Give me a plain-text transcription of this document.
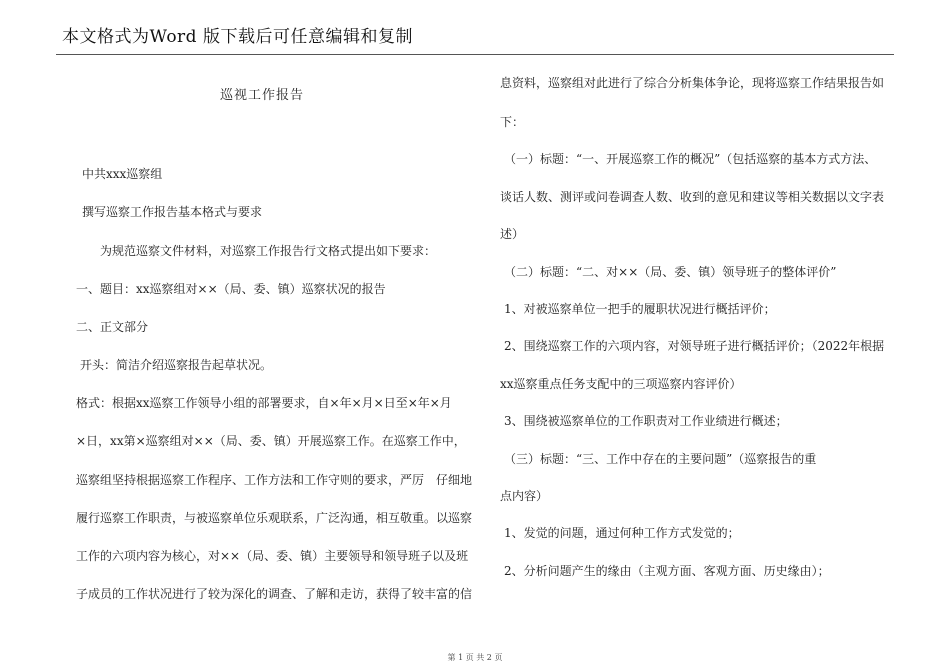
本文格式为Word 版下载后可任意编辑和复制
巡视工作报告
中共xxx巡察组
撰写巡察工作报告基本格式与要求
为规范巡察文件材料，对巡察工作报告行文格式提出如下要求：
一、题目：xx巡察组对××（局、委、镇）巡察状况的报告
二、正文部分
开头：简洁介绍巡察报告起草状况。
格式：根据xx巡察工作领导小组的部署要求，自×年×月×日至×年×月
×日，xx第×巡察组对××（局、委、镇）开展巡察工作。在巡察工作中，
巡察组坚持根据巡察工作程序、工作方法和工作守则的要求，严厉　仔细地
履行巡察工作职责，与被巡察单位乐观联系，广泛沟通，相互敬重。以巡察
工作的六项内容为核心，对××（局、委、镇）主要领导和领导班子以及班
子成员的工作状况进行了较为深化的调查、了解和走访，获得了较丰富的信
息资料，巡察组对此进行了综合分析集体争论，现将巡察工作结果报告如
下：
（一）标题：“一、开展巡察工作的概况”（包括巡察的基本方式方法、
谈话人数、测评或问卷调查人数、收到的意见和建议等相关数据以文字表
述）
（二）标题：“二、对××（局、委、镇）领导班子的整体评价”
1、对被巡察单位一把手的履职状况进行概括评价；
2、围绕巡察工作的六项内容，对领导班子进行概括评价；（2022年根据
xx巡察重点任务支配中的三项巡察内容评价）
3、围绕被巡察单位的工作职责对工作业绩进行概述；
（三）标题：“三、工作中存在的主要问题”（巡察报告的重
点内容）
1、发觉的问题，通过何种工作方式发觉的；
2、分析问题产生的缘由（主观方面、客观方面、历史缘由）；
第 1 页 共 2 页
